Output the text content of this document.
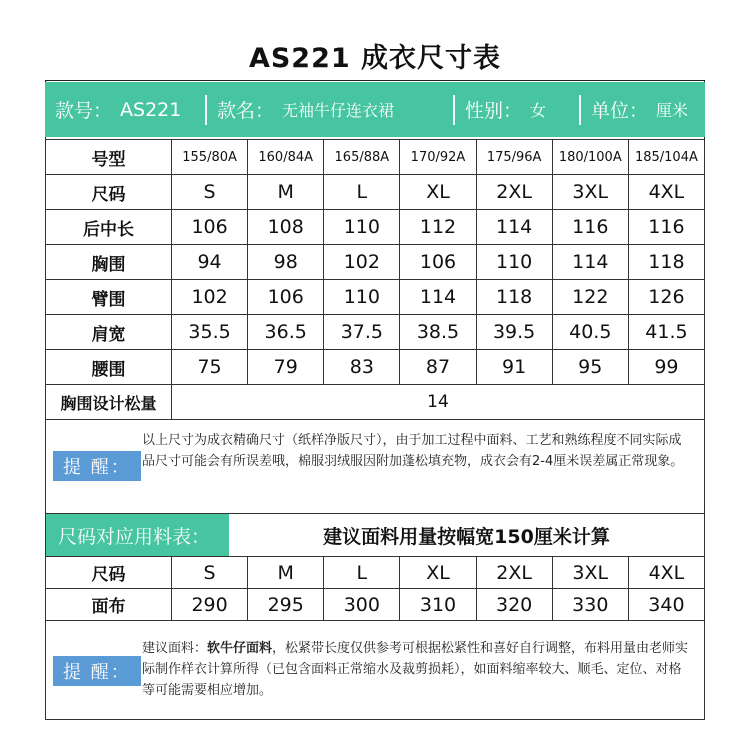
AS221 成衣尺寸表
款号： AS221 款名： 无袖牛仔连衣裙	性别： 女 单位： 厘米
号型	155/80A	160/84A	165/88A	170/92A	175/96A	180/100A	185/104A
尺码	S	M	L	XL	2XL	3XL	4XL
后中长	106	108	110	112	114	116	116
胸围	94	98	102	106	110	114	118
臂围	102	106	110	114	118	122	126
肩宽	35.5	36.5	37.5	38.5	39.5	40.5	41.5
腰围	75	79	83	87	91	95	99
胸围设计松量	14						
提 醒：
以上尺寸为成衣精确尺寸（纸样净版尺寸），由于加工过程中面料、工艺和熟练程度不同实际成品尺寸可能会有所误差哦，棉服羽绒服因附加蓬松填充物，成衣会有2-4厘米误差属正常现象。
尺码对应用料表：	建议面料用量按幅宽150厘米计算
尺码	S	M	L	XL	2XL	3XL	4XL
面布	290	295	300	310	320	330	340
提 醒：
建议面料：软牛仔面料，松紧带长度仅供参考可根据松紧性和喜好自行调整，布料用量由老师实际制作样衣计算所得（已包含面料正常缩水及裁剪损耗），如面料缩率较大、顺毛、定位、对格等可能需要相应增加。
